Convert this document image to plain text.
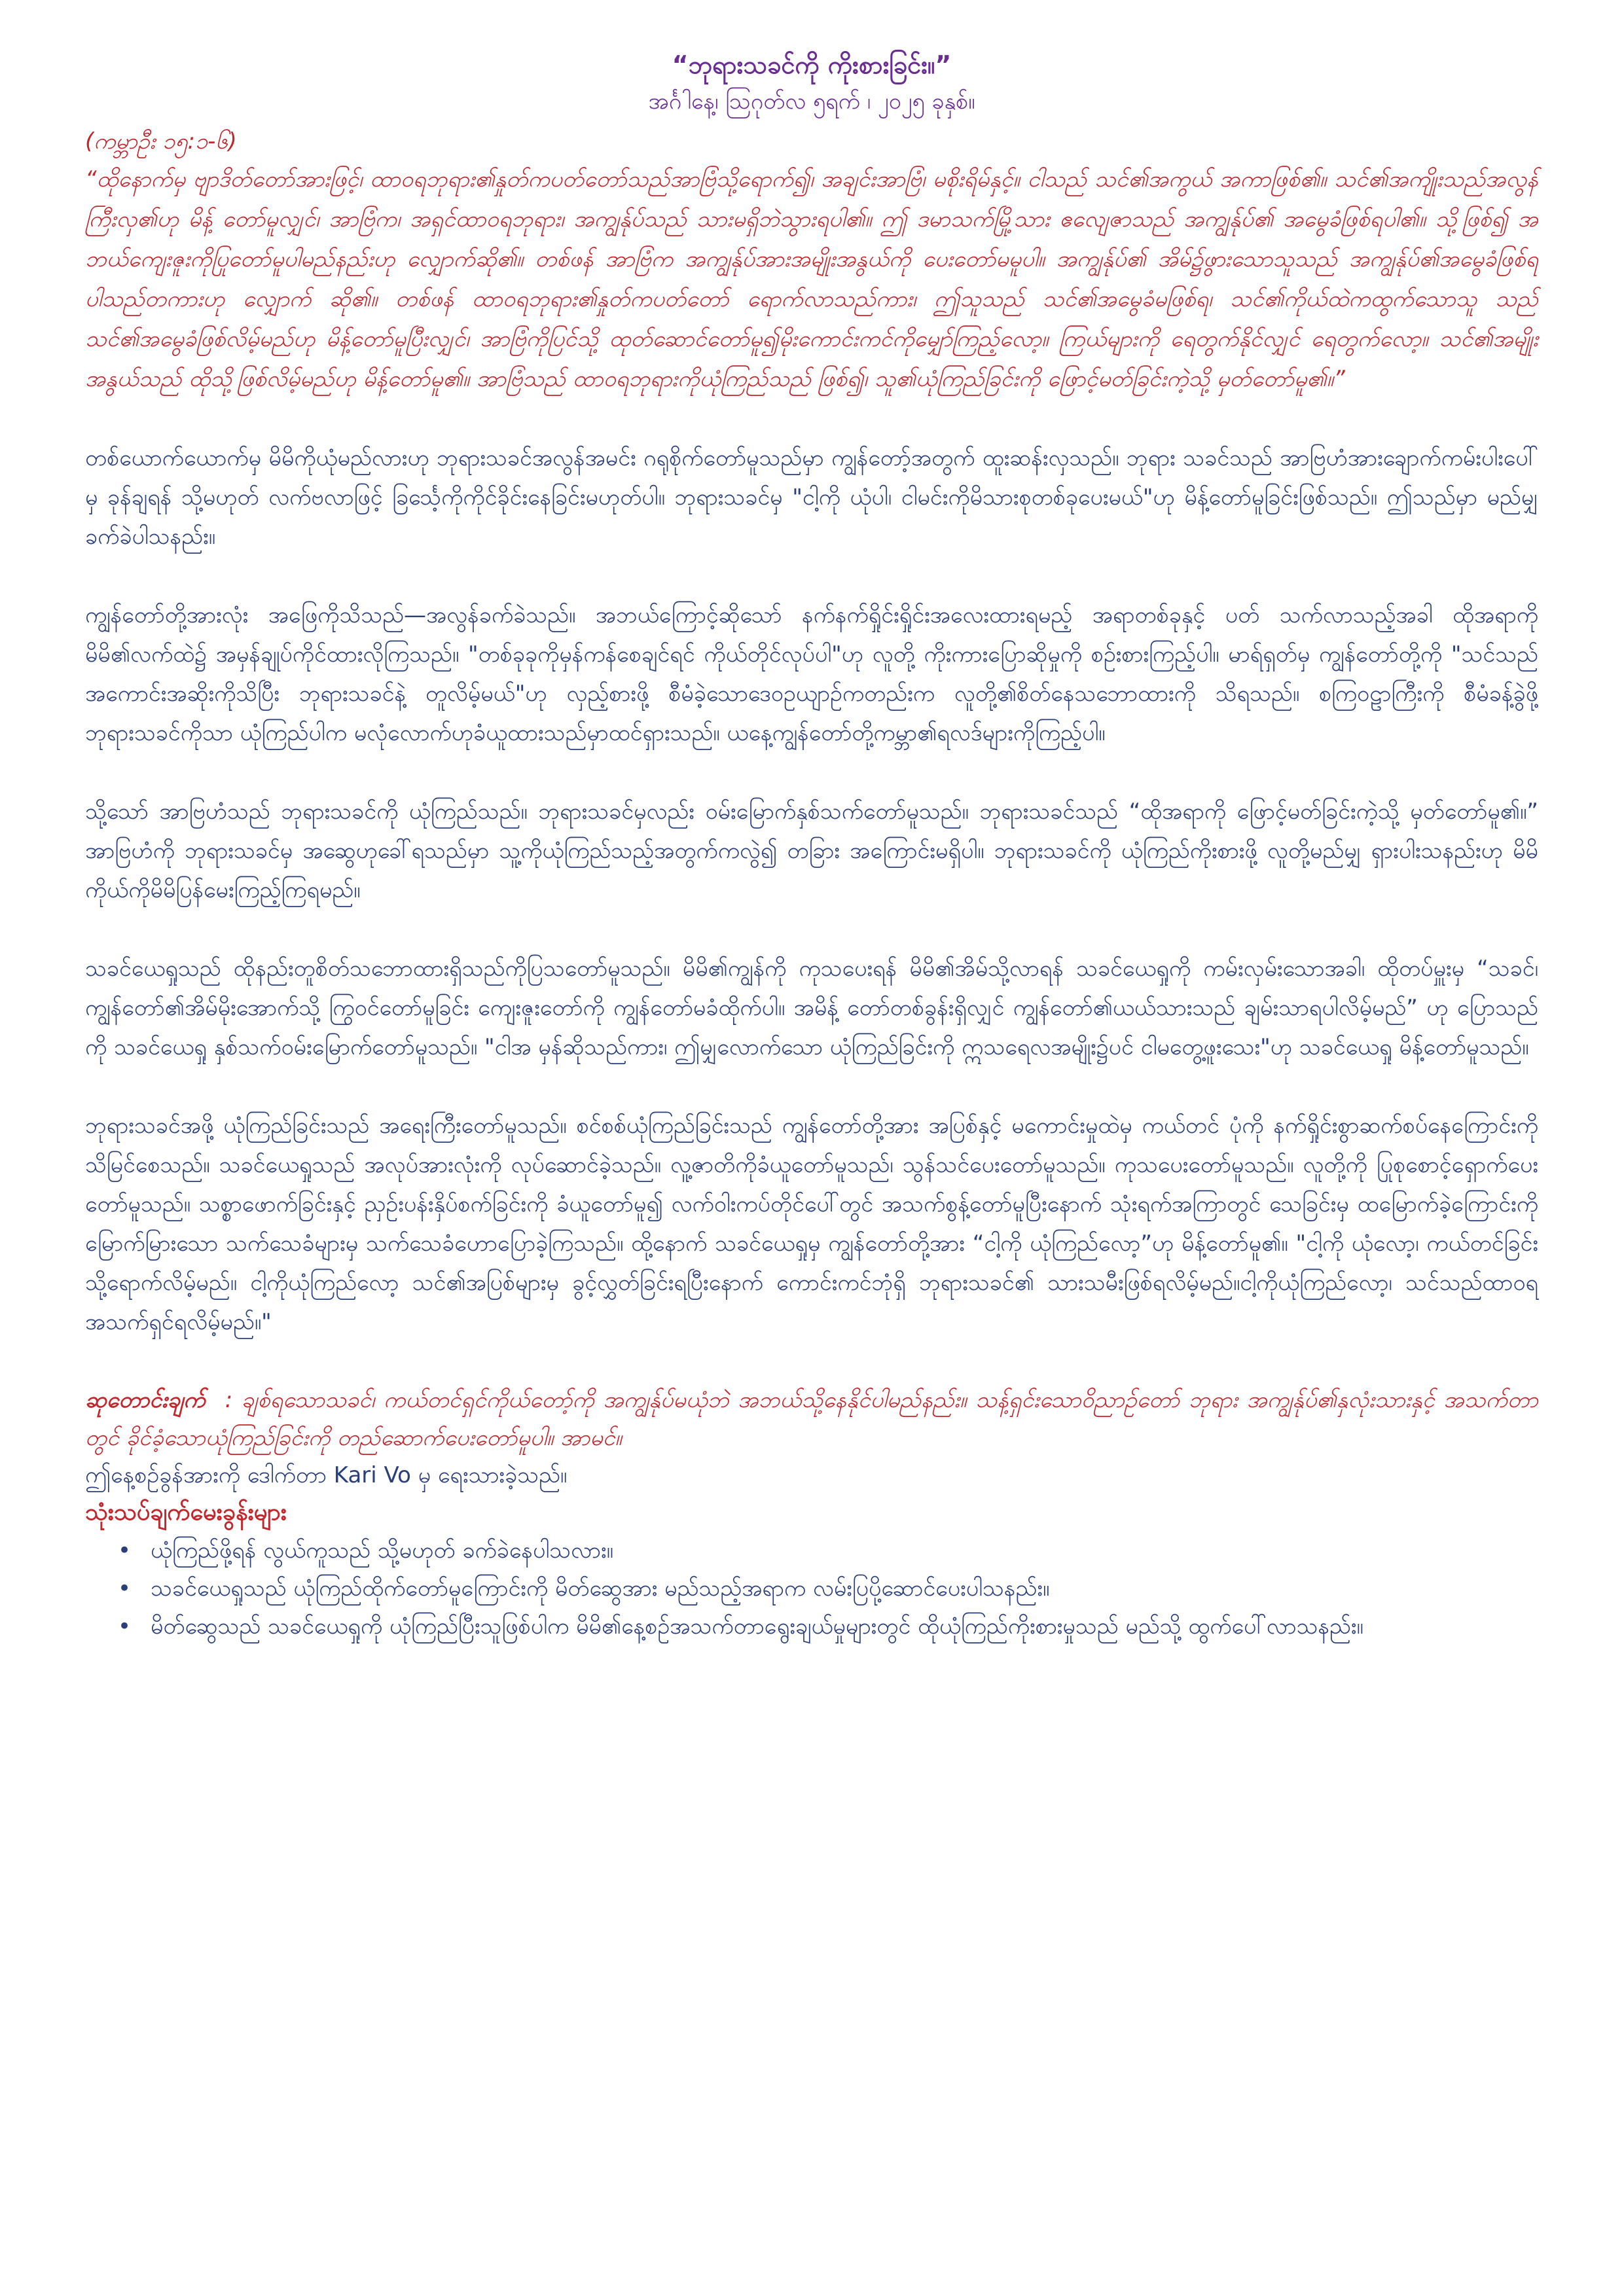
“ဘုရားသခင်ကို ကိုးစားခြင်း။”

အင်္ဂါနေ့၊ ဩဂုတ်လ ၅ရက် ၊ ၂၀၂၅ ခုနှစ်။

(ကမ္ဘာဦး ၁၅:၁-၆)

“ထိုနောက်မှ ဗျာဒိတ်တော်အားဖြင့်၊ ထာဝရဘုရား၏နှုတ်ကပတ်တော်သည်အာဗြံသို့ရောက်၍၊ အချင်းအာဗြံ၊ မစိုးရိမ်နှင့်။ ငါသည် သင်၏အကွယ် အကာဖြစ်၏။ သင်၏အကျိုးသည်အလွန်ကြီးလှ၏ဟု မိန့် တော်မူလျှင်၊ အာဗြံက၊ အရှင်ထာဝရဘုရား၊ အကျွန်ုပ်သည် သားမရှိဘဲသွားရပါ၏။ ဤ ဒမာသက်မြို့သား ဧလျေဇာသည် အကျွန်ုပ်၏ အမွေခံဖြစ်ရပါ၏။ သို့ဖြစ်၍ အဘယ်ကျေးဇူးကိုပြုတော်မူပါမည်နည်းဟု လျှောက်ဆို၏။ တစ်ဖန် အာဗြံက အကျွန်ုပ်အားအမျိုးအနွယ်ကို ပေးတော်မမူပါ။ အကျွန်ုပ်၏ အိမ်၌ဖွားသောသူသည် အကျွန်ုပ်၏အမွေခံဖြစ်ရပါသည်တကားဟု လျှောက် ဆို၏။ တစ်ဖန် ထာဝရဘုရား၏နှုတ်ကပတ်တော် ရောက်လာသည်ကား၊ ဤသူသည် သင်၏အမွေခံမဖြစ်ရ၊ သင်၏ကိုယ်ထဲကထွက်သောသူ သည် သင်၏အမွေခံဖြစ်လိမ့်မည်ဟု မိန့်တော်မူပြီးလျှင်၊ အာဗြံကိုပြင်သို့ ထုတ်ဆောင်တော်မူ၍မိုးကောင်းကင်ကိုမျှော်ကြည့်လော့။ ကြယ်များကို ရေတွက်နိုင်လျှင် ရေတွက်လော့။ သင်၏အမျိုးအနွယ်သည် ထိုသို့ဖြစ်လိမ့်မည်ဟု မိန့်တော်မူ၏။ အာဗြံသည် ထာဝရဘုရားကိုယုံကြည်သည် ဖြစ်၍၊ သူ၏ယုံကြည်ခြင်းကို ဖြောင့်မတ်ခြင်းကဲ့သို့ မှတ်တော်မူ၏။”

တစ်ယောက်ယောက်မှ မိမိကိုယုံမည်လားဟု ဘုရားသခင်အလွန်အမင်း ဂရုစိုက်တော်မူသည်မှာ ကျွန်တော့်အတွက် ထူးဆန်းလှသည်။ ဘုရား သခင်သည် အာဗြဟံအားချောက်ကမ်းပါးပေါ်မှ ခုန်ချရန် သို့မဟုတ် လက်ဗလာဖြင့် ခြင်္သေ့ကိုကိုင်ခိုင်းနေခြင်းမဟုတ်ပါ။ ဘုရားသခင်မှ "ငါ့ကို ယုံပါ၊ ငါမင်းကိုမိသားစုတစ်ခုပေးမယ်"ဟု မိန့်တော်မူခြင်းဖြစ်သည်။ ဤသည်မှာ မည်မျှခက်ခဲပါသနည်း။

ကျွန်တော်တို့အားလုံး အဖြေကိုသိသည်—အလွန်ခက်ခဲသည်။ အဘယ်ကြောင့်ဆိုသော် နက်နက်ရှိုင်းရှိုင်းအလေးထားရမည့် အရာတစ်ခုနှင့် ပတ် သက်လာသည့်အခါ ထိုအရာကို မိမိ၏လက်ထဲ၌ အမှန်ချုပ်ကိုင်ထားလိုကြသည်။ "တစ်ခုခုကိုမှန်ကန်စေချင်ရင် ကိုယ်တိုင်လုပ်ပါ"ဟု လူတို့ ကိုးကားပြောဆိုမှုကို စဉ်းစားကြည့်ပါ။ မာရ်ရှတ်မှ ကျွန်တော်တို့ကို "သင်သည် အကောင်းအဆိုးကိုသိပြီး ဘုရားသခင်နဲ့ တူလိမ့်မယ်"ဟု လှည့်စားဖို့ စီမံခဲ့သောဒေဝဥယျာဉ်ကတည်းက လူတို့၏စိတ်နေသဘောထားကို သိရသည်။ စကြဝဠာကြီးကို စီမံခန့်ခွဲဖို့ ဘုရားသခင်ကိုသာ ယုံကြည်ပါက မလုံလောက်ဟုခံယူထားသည်မှာထင်ရှားသည်။ ယနေ့ကျွန်တော်တို့ကမ္ဘာ၏ရလဒ်များကိုကြည့်ပါ။

သို့သော် အာဗြဟံသည် ဘုရားသခင်ကို ယုံကြည်သည်။ ဘုရားသခင်မှလည်း ဝမ်းမြောက်နှစ်သက်တော်မူသည်။ ဘုရားသခင်သည် “ထိုအရာကို ဖြောင့်မတ်ခြင်းကဲ့သို့ မှတ်တော်မူ၏။” အာဗြဟံကို ဘုရားသခင်မှ အဆွေဟုခေါ်ရသည်မှာ သူ့ကိုယုံကြည်သည့်အတွက်ကလွဲ၍ တခြား အကြောင်းမရှိပါ။ ဘုရားသခင်ကို ယုံကြည်ကိုးစားဖို့ လူတို့မည်မျှ ရှားပါးသနည်းဟု မိမိကိုယ်ကိုမိမိပြန်မေးကြည့်ကြရမည်။

သခင်ယေရှုသည် ထိုနည်းတူစိတ်သဘောထားရှိသည်ကိုပြသတော်မူသည်။ မိမိ၏ကျွန်ကို ကုသပေးရန် မိမိ၏အိမ်သို့လာရန် သခင်ယေရှုကို ကမ်းလှမ်းသောအခါ၊ ထိုတပ်မှူးမှ “သခင်၊ ကျွန်တော်၏အိမ်မိုးအောက်သို့ ကြွဝင်တော်မူခြင်း ကျေးဇူးတော်ကို ကျွန်တော်မခံထိုက်ပါ။ အမိန့် တော်တစ်ခွန်းရှိလျှင် ကျွန်တော်၏ယယ်သားသည် ချမ်းသာရပါလိမ့်မည်” ဟု ပြောသည်ကို သခင်ယေရှု နှစ်သက်ဝမ်းမြောက်တော်မူသည်။ "ငါအ မှန်ဆိုသည်ကား၊ ဤမျှလောက်သော ယုံကြည်ခြင်းကို ဣသရေလအမျိုး၌ပင် ငါမတွေ့ဖူးသေး"ဟု သခင်ယေရှု မိန့်တော်မူသည်။

ဘုရားသခင်အဖို့ ယုံကြည်ခြင်းသည် အရေးကြီးတော်မူသည်။ စင်စစ်ယုံကြည်ခြင်းသည် ကျွန်တော်တို့အား အပြစ်နှင့် မကောင်းမှုထဲမှ ကယ်တင် ပုံကို နက်ရှိုင်းစွာဆက်စပ်နေကြောင်းကို သိမြင်စေသည်။ သခင်ယေရှုသည် အလုပ်အားလုံးကို လုပ်ဆောင်ခဲ့သည်။ လူ့ဇာတိကိုခံယူတော်မူသည်၊ သွန်သင်ပေးတော်မူသည်။ ကုသပေးတော်မူသည်။ လူတို့ကို ပြုစုစောင့်ရှောက်ပေးတော်မူသည်။ သစ္စာဖောက်ခြင်းနှင့် ညှဉ်းပန်းနှိပ်စက်ခြင်းကို ခံယူတော်မူ၍ လက်ဝါးကပ်တိုင်ပေါ်တွင် အသက်စွန့်တော်မူပြီးနောက် သုံးရက်အကြာတွင် သေခြင်းမှ ထမြောက်ခဲ့ကြောင်းကို မြောက်မြားသော သက်သေခံများမှ သက်သေခံဟောပြောခဲ့ကြသည်။ ထို့နောက် သခင်ယေရှုမှ ကျွန်တော်တို့အား “ငါ့ကို ယုံကြည်လော့”ဟု မိန့်တော်မူ၏။ "ငါ့ကို ယုံလော့၊ ကယ်တင်ခြင်းသို့ရောက်လိမ့်မည်။ ငါ့ကိုယုံကြည်လော့ သင်၏အပြစ်များမှ ခွင့်လွှတ်ခြင်းရပြီးနောက် ကောင်းကင်ဘုံရှိ ဘုရားသခင်၏ သားသမီးဖြစ်ရလိမ့်မည်။ငါ့ကိုယုံကြည်လော့၊ သင်သည်ထာဝရအသက်ရှင်ရလိမ့်မည်။"

ဆုတောင်းချက် : ချစ်ရသောသခင်၊ ကယ်တင်ရှင်ကိုယ်တော့်ကို အကျွန်ုပ်မယုံဘဲ အဘယ်သို့နေနိုင်ပါမည်နည်း။ သန့်ရှင်းသောဝိညာဉ်တော် ဘုရား အကျွန်ုပ်၏နှလုံးသားနှင့် အသက်တာတွင် ခိုင်ခံ့သောယုံကြည်ခြင်းကို တည်ဆောက်ပေးတော်မူပါ။ အာမင်။

ဤနေ့စဉ်ခွန်အားကို ဒေါက်တာ Kari Vo မှ ရေးသားခဲ့သည်။

သုံးသပ်ချက်မေးခွန်းများ

• ယုံကြည်ဖို့ရန် လွယ်ကူသည် သို့မဟုတ် ခက်ခဲနေပါသလား။
• သခင်ယေရှုသည် ယုံကြည်ထိုက်တော်မူကြောင်းကို မိတ်ဆွေအား မည်သည့်အရာက လမ်းပြပို့ဆောင်ပေးပါသနည်း။
• မိတ်ဆွေသည် သခင်ယေရှုကို ယုံကြည်ပြီးသူဖြစ်ပါက မိမိ၏နေ့စဉ်အသက်တာရွေးချယ်မှုများတွင် ထိုယုံကြည်ကိုးစားမှုသည် မည်သို့ ထွက်ပေါ်လာသနည်း။
